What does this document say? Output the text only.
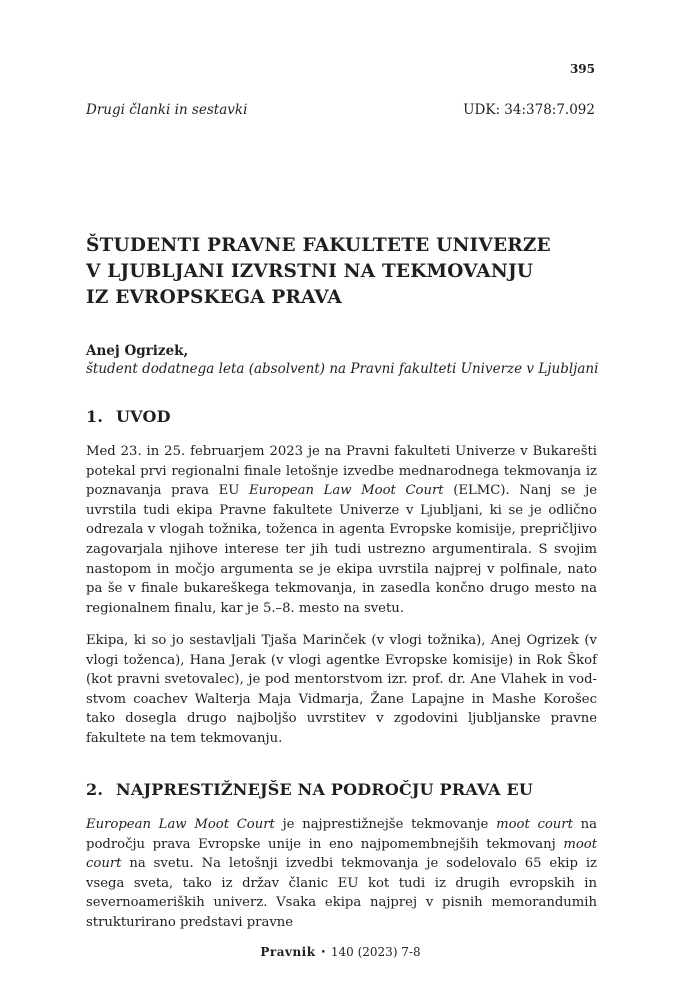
395
Drugi članki in sestavki	UDK: 34:378:7.092
ŠTUDENTI PRAVNE FAKULTETE UNIVERZE
V LJUBLJANI IZVRSTNI NA TEKMOVANJU
IZ EVROPSKEGA PRAVA
Anej Ogrizek,
študent dodatnega leta (absolvent) na Pravni fakulteti Univerze v Ljubljani
1. UVOD

Med 23. in 25. februarjem 2023 je na Pravni fakulteti Univerze v Bukarešti potekal prvi regionalni finale letošnje izvedbe mednarodnega tekmovanja iz poznavanja prava EU European Law Moot Court (ELMC). Nanj se je uvrstila tudi ekipa Pravne fakultete Univerze v Ljubljani, ki se je odlično odrezala v vlogah tožnika, toženca in agenta Evropske komisije, prepričljivo zagovarjala njihove interese ter jih tudi ustrezno argumentirala. S svojim nastopom in močjo argumenta se je ekipa uvrstila najprej v polfinale, nato pa še v finale bukareškega tekmovanja, in zasedla končno drugo mesto na regionalnem finalu, kar je 5.–8. mesto na svetu.

Ekipa, ki so jo sestavljali Tjaša Marinček (v vlogi tožnika), Anej Ogrizek (v vlogi toženca), Hana Jerak (v vlogi agentke Evropske komisije) in Rok Škof (kot pravni svetovalec), je pod mentorstvom izr. prof. dr. Ane Vlahek in vodstvom coachev Walterja Maja Vidmarja, Žane Lapajne in Mashe Korošec tako dosegla drugo najboljšo uvrstitev v zgodovini ljubljanske pravne fakultete na tem tekmovanju.

2. NAJPRESTIŽNEJŠE NA PODROČJU PRAVA EU

European Law Moot Court je najprestižnejše tekmovanje moot court na področju prava Evropske unije in eno najpomembnejših tekmovanj moot court na svetu. Na letošnji izvedbi tekmovanja je sodelovalo 65 ekip iz vsega sveta, tako iz držav članic EU kot tudi iz drugih evropskih in severnoameriških univerz. Vsaka ekipa najprej v pisnih memorandumih strukturirano predstavi pravne

Pravnik • 140 (2023) 7-8
